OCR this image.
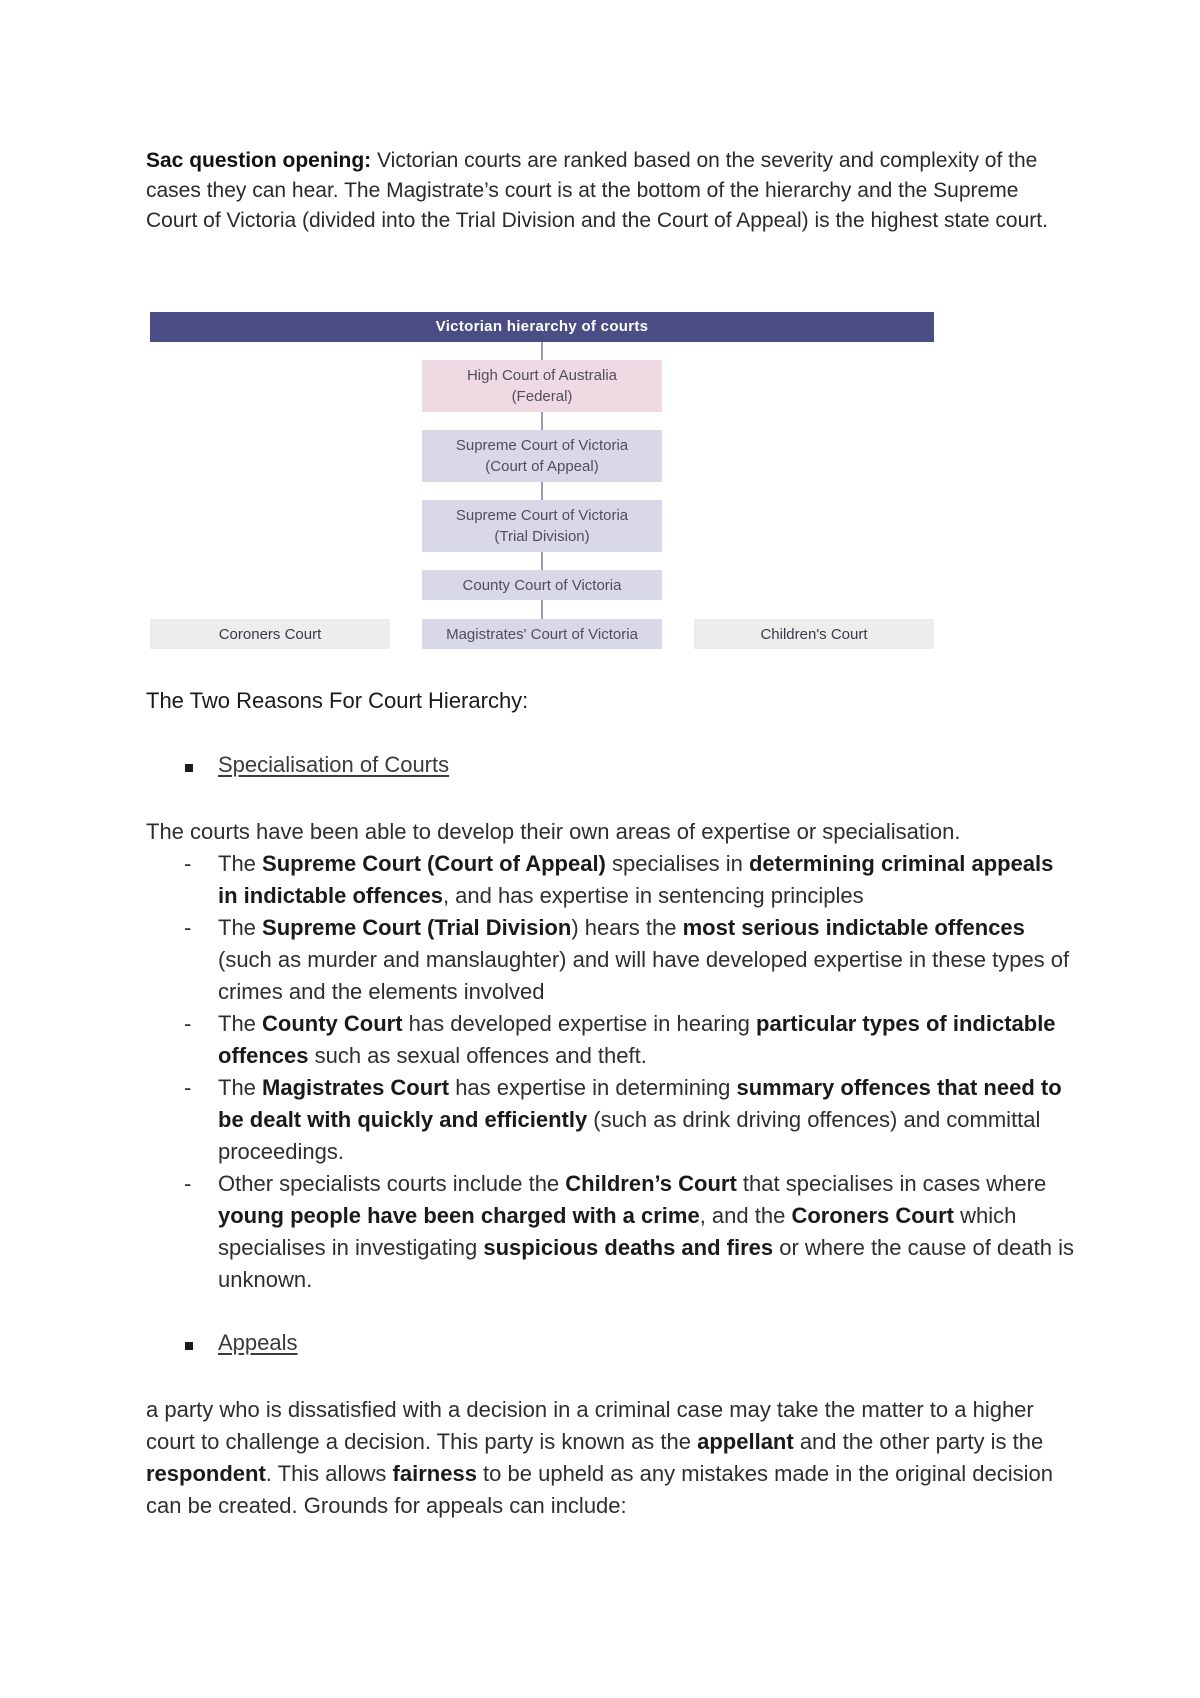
Sac question opening: Victorian courts are ranked based on the severity and complexity of the cases they can hear. The Magistrate’s court is at the bottom of the hierarchy and the Supreme Court of Victoria (divided into the Trial Division and the Court of Appeal) is the highest state court.

Victorian hierarchy of courts
High Court of Australia
(Federal)
Supreme Court of Victoria
(Court of Appeal)
Supreme Court of Victoria
(Trial Division)
County Court of Victoria
Coroners Court	Magistrates' Court of Victoria	Children's Court

The Two Reasons For Court Hierarchy:

Specialisation of Courts

The courts have been able to develop their own areas of expertise or specialisation.

- The Supreme Court (Court of Appeal) specialises in determining criminal appeals in indictable offences, and has expertise in sentencing principles
- The Supreme Court (Trial Division) hears the most serious indictable offences (such as murder and manslaughter) and will have developed expertise in these types of crimes and the elements involved
- The County Court has developed expertise in hearing particular types of indictable offences such as sexual offences and theft.
- The Magistrates Court has expertise in determining summary offences that need to be dealt with quickly and efficiently (such as drink driving offences) and committal proceedings.
- Other specialists courts include the Children’s Court that specialises in cases where young people have been charged with a crime, and the Coroners Court which specialises in investigating suspicious deaths and fires or where the cause of death is unknown.
Appeals

a party who is dissatisfied with a decision in a criminal case may take the matter to a higher court to challenge a decision. This party is known as the appellant and the other party is the respondent. This allows fairness to be upheld as any mistakes made in the original decision can be created. Grounds for appeals can include:
